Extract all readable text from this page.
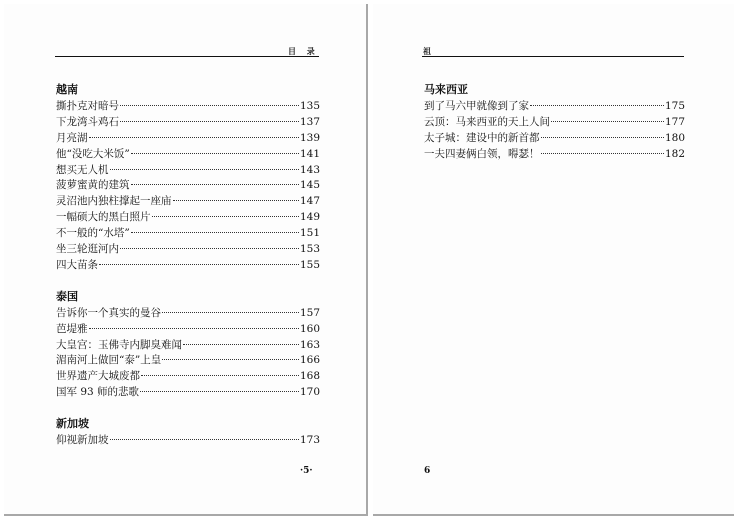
目 录
越南
撕扑克对暗号	135
下龙湾斗鸡石	137
月亮湖	139
他“没吃大米饭”	141
想买无人机	143
菠萝蜜黄的建筑	145
灵沼池内独柱撑起一座庙	147
一幅硕大的黑白照片	149
不一般的“水塔”	151
坐三轮逛河内	153
四大苗条	155
泰国
告诉你一个真实的曼谷	157
芭堤雅	160
大皇宫：玉佛寺内脚臭难闻	163
湄南河上做回“泰”上皇	166
世界遗产大城废都	168
国军 93 师的悲歌	170
新加坡
仰视新加坡	173
·5·
祖
马来西亚
到了马六甲就像到了家	175
云顶：马来西亚的天上人间	177
太子城：建设中的新首都	180
一夫四妻俩白领，嘚瑟！	182
6
